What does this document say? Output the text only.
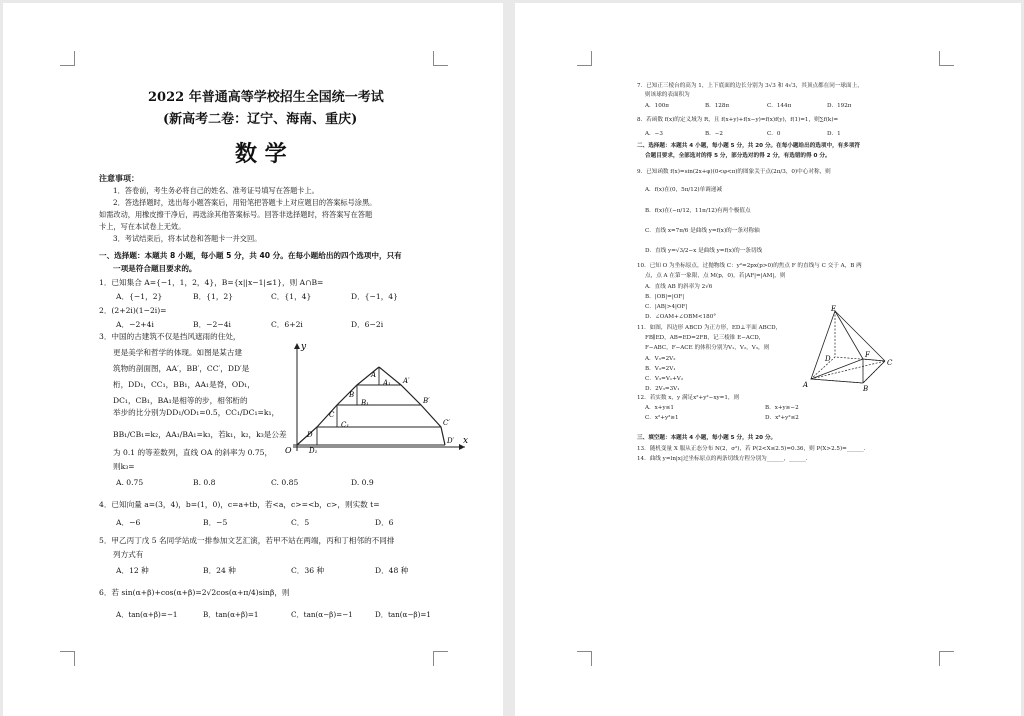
2022 年普通高等学校招生全国统一考试
(新高考二卷：辽宁、海南、重庆)
数 学
注意事项：
1．答卷前，考生务必将自己的姓名、准考证号填写在答题卡上。
2．答选择题时，选出每小题答案后，用铅笔把答题卡上对应题目的答案标号涂黑。
如需改动，用橡皮擦干净后，再选涂其他答案标号。回答非选择题时，将答案写在答题
卡上，写在本试卷上无效。
3．考试结束后，将本试卷和答题卡一并交回。
一、选择题：本题共 8 小题，每小题 5 分，共 40 分。在每小题给出的四个选项中，只有
一项是符合题目要求的。
1．已知集合 A={−1，1，2，4}，B={x||x−1|≤1}，则 A∩B=
A．{−1，2}	B．{1，2}	C．{1，4}	D．{−1，4}
2．(2+2i)(1−2i)=
A．−2+4i	B．−2−4i	C．6+2i	D．6−2i
3．中国的古建筑不仅是挡风遮雨的住处，
更是美学和哲学的体现。如图是某古建
筑物的剖面图，AA′，BB′，CC′，DD′是
桁，DD₁，CC₁，BB₁，AA₁是脊，OD₁，
DC₁，CB₁，BA₁是相等的步，相邻桁的
举步的比分别为DD₁/OD₁=0.5，CC₁/DC₁=k₁，
BB₁/CB₁=k₂，AA₁/BA₁=k₃，若k₁，k₂，k₃是公差
为 0.1 的等差数列，直线 OA 的斜率为 0.75，
则k₃=
A. 0.75	B. 0.8	C. 0.85	D. 0.9
y
x
O
A
A₁ A′
B
B₁	B′
C
C₁	C′
D
D₁
D′
4．已知向量 a=(3，4)，b=(1，0)，c=a+tb，若<a，c>=<b，c>，则实数 t=
A．−6	B．−5	C．5	D．6
5．甲乙丙丁戊 5 名同学站成一排参加文艺汇演，若甲不站在两端，丙和丁相邻的不同排
列方式有
A．12 种	B．24 种	C．36 种	D．48 种
6．若 sin(α+β)+cos(α+β)=2√2cos(α+π/4)sinβ，则
A．tan(α+β)=−1	B．tan(α+β)=1	C．tan(α−β)=−1	D．tan(α−β)=1
7．已知正三棱台的高为 1，上下底面的边长分别为 3√3 和 4√3，其顶点都在同一球面上，
则该球的表面积为
A．100π	B．128π	C．144π	D．192π
8．若函数 f(x)的定义域为 R，且 f(x+y)+f(x−y)=f(x)f(y)，f(1)=1，则∑f(k)=
A．−3	B．−2	C．0	D．1
二、选择题：本题共 4 小题，每小题 5 分，共 20 分。在每小题给出的选项中，有多项符
合题目要求，全部选对的得 5 分，部分选对的得 2 分，有选错的得 0 分。
9．已知函数 f(x)=sin(2x+φ)(0<φ<π)的图象关于点(2π/3，0)中心对称，则
A．f(x)在(0，5π/12)单调递减
B．f(x)在(−π/12，11π/12)有两个极值点
C．直线 x=7π/6 是曲线 y=f(x)的一条对称轴
D．直线 y=√3/2−x 是曲线 y=f(x)的一条切线
10．已知 O 为坐标原点，过抛物线 C：y²=2px(p>0)的焦点 F 的直线与 C 交于 A，B 两
点，点 A 在第一象限，点 M(p，0)，若|AF|=|AM|，则
A．直线 AB 的斜率为 2√6
B．|OB|=|OF|
C．|AB|>4|OF|
D．∠OAM+∠OBM<180°
11．如图，四边形 ABCD 为正方形，ED⊥平面 ABCD，
FB∥ED，AB=ED=2FB，记三棱锥 E−ACD，
F−ABC，F−ACE 的体积分别为V₁，V₂，V₃，则
A．V₃=2V₂
B．V₃=2V₁
C．V₃=V₁+V₂
D．2V₃=3V₁
E
F
A	B
C
D
12．若实数 x，y 满足x²+y²−xy=1，则
A．x+y≤1	B．x+y≥−2
C．x²+y²≥1	D．x²+y²≤2
三、填空题：本题共 4 小题，每小题 5 分，共 20 分。
13．随机变量 X 服从正态分布 N(2，σ²)，若 P(2<X≤2.5)=0.36，则 P(X>2.5)=______.
14．曲线 y=ln|x|过坐标原点的两条切线方程分别为______，______.
